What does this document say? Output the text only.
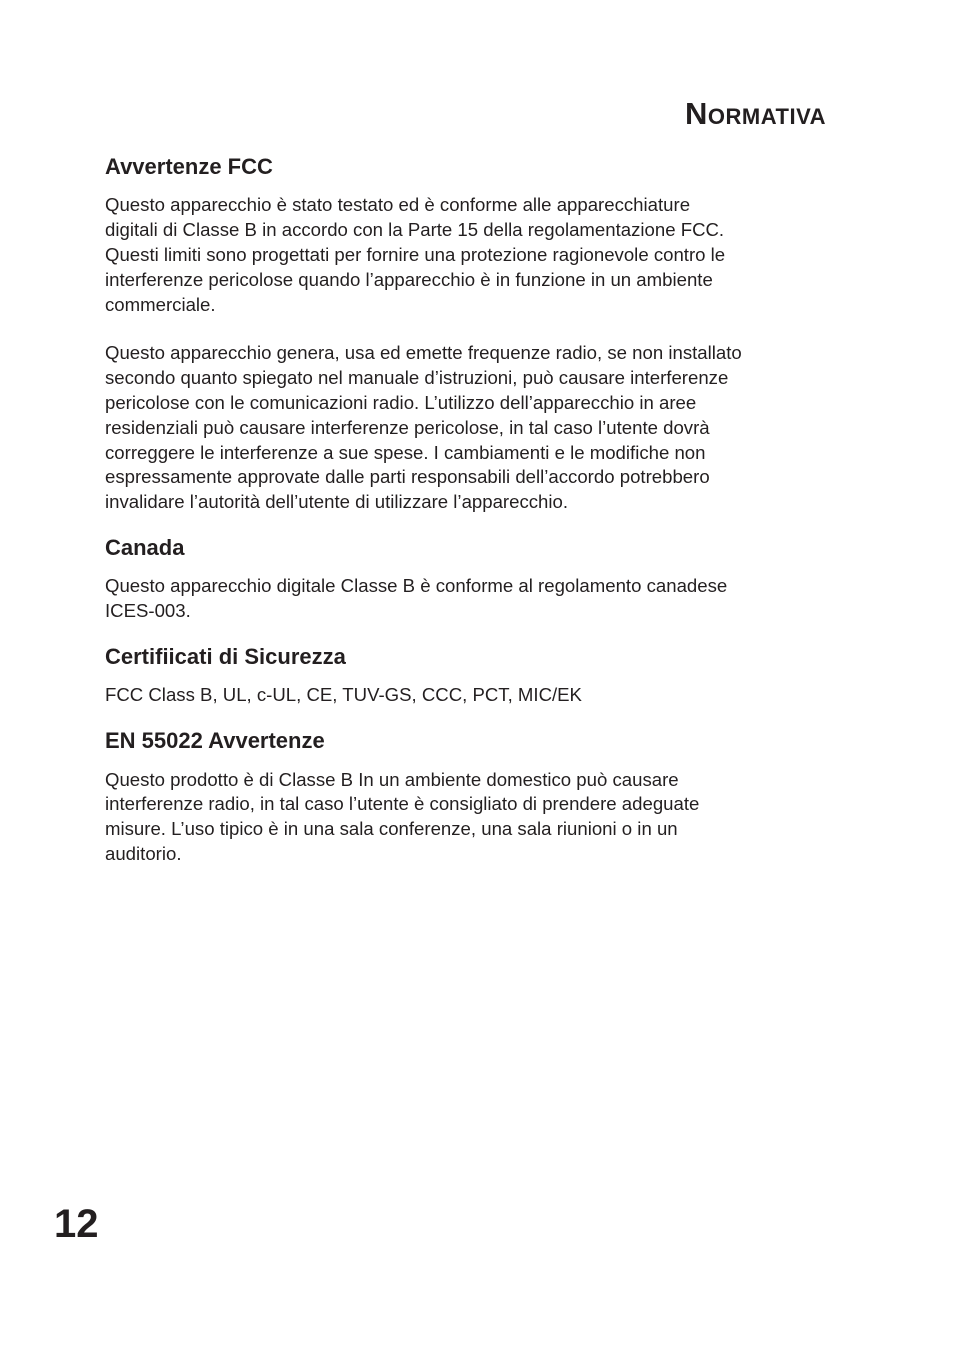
Normativa
Avvertenze FCC

Questo apparecchio è stato testato ed è conforme alle apparecchiature
digitali di Classe B in accordo con la Parte 15 della regolamentazione FCC.
Questi limiti sono progettati per fornire una protezione ragionevole contro le
interferenze pericolose quando l’apparecchio è in funzione in un ambiente
commerciale.

Questo apparecchio genera, usa ed emette frequenze radio, se non installato
secondo quanto spiegato nel manuale d’istruzioni, può causare interferenze
pericolose con le comunicazioni radio. L’utilizzo dell’apparecchio in aree
residenziali può causare interferenze pericolose, in tal caso l’utente dovrà
correggere le interferenze a sue spese. I cambiamenti e le modifiche non
espressamente approvate dalle parti responsabili dell’accordo potrebbero
invalidare l’autorità dell’utente di utilizzare l’apparecchio.

Canada

Questo apparecchio digitale Classe B è conforme al regolamento canadese
ICES-003.

Certifiicati di Sicurezza

FCC Class B, UL, c-UL, CE, TUV-GS, CCC, PCT, MIC/EK

EN 55022 Avvertenze

Questo prodotto è di Classe B In un ambiente domestico può causare
interferenze radio, in tal caso l’utente è consigliato di prendere adeguate
misure. L’uso tipico è in una sala conferenze, una sala riunioni o in un
auditorio.

12
